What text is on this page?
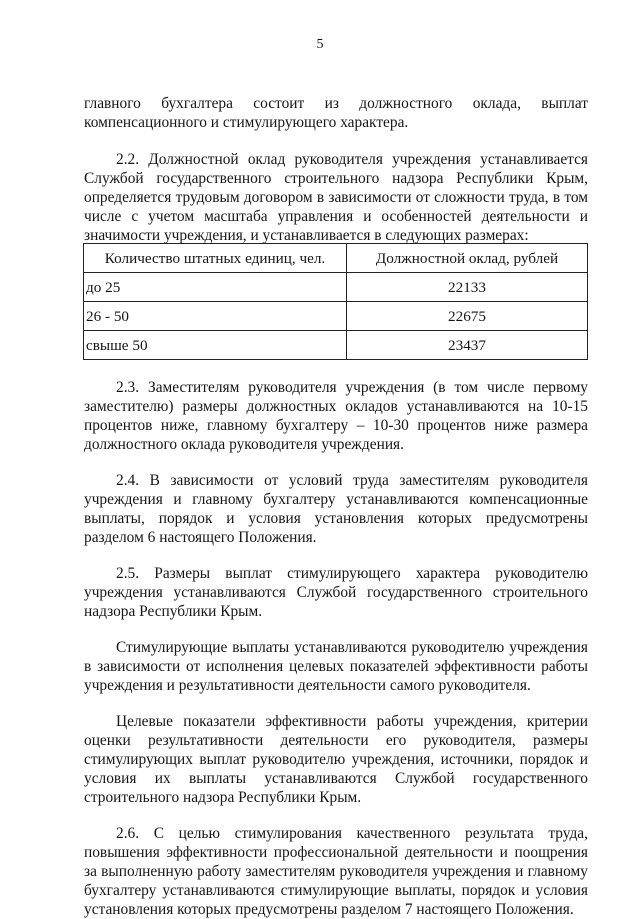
5

главного бухгалтера состоит из должностного оклада, выплат компенсационного и стимулирующего характера.

2.2. Должностной оклад руководителя учреждения устанавливается Службой государственного строительного надзора Республики Крым, определяется трудовым договором в зависимости от сложности труда, в том числе с учетом масштаба управления и особенностей деятельности и значимости учреждения, и устанавливается в следующих размерах:

Количество штатных единиц, чел.	Должностной оклад, рублей
до 25	22133
26 - 50	22675
свыше 50	23437

2.3. Заместителям руководителя учреждения (в том числе первому заместителю) размеры должностных окладов устанавливаются на 10-15 процентов ниже, главному бухгалтеру – 10-30 процентов ниже размера должностного оклада руководителя учреждения.

2.4. В зависимости от условий труда заместителям руководителя учреждения и главному бухгалтеру устанавливаются компенсационные выплаты, порядок и условия установления которых предусмотрены разделом 6 настоящего Положения.

2.5. Размеры выплат стимулирующего характера руководителю учреждения устанавливаются Службой государственного строительного надзора Республики Крым.

Стимулирующие выплаты устанавливаются руководителю учреждения в зависимости от исполнения целевых показателей эффективности работы учреждения и результативности деятельности самого руководителя.

Целевые показатели эффективности работы учреждения, критерии оценки результативности деятельности его руководителя, размеры стимулирующих выплат руководителю учреждения, источники, порядок и условия их выплаты устанавливаются Службой государственного строительного надзора Республики Крым.

2.6. С целью стимулирования качественного результата труда, повышения эффективности профессиональной деятельности и поощрения за выполненную работу заместителям руководителя учреждения и главному бухгалтеру устанавливаются стимулирующие выплаты, порядок и условия установления которых предусмотрены разделом 7 настоящего Положения.
